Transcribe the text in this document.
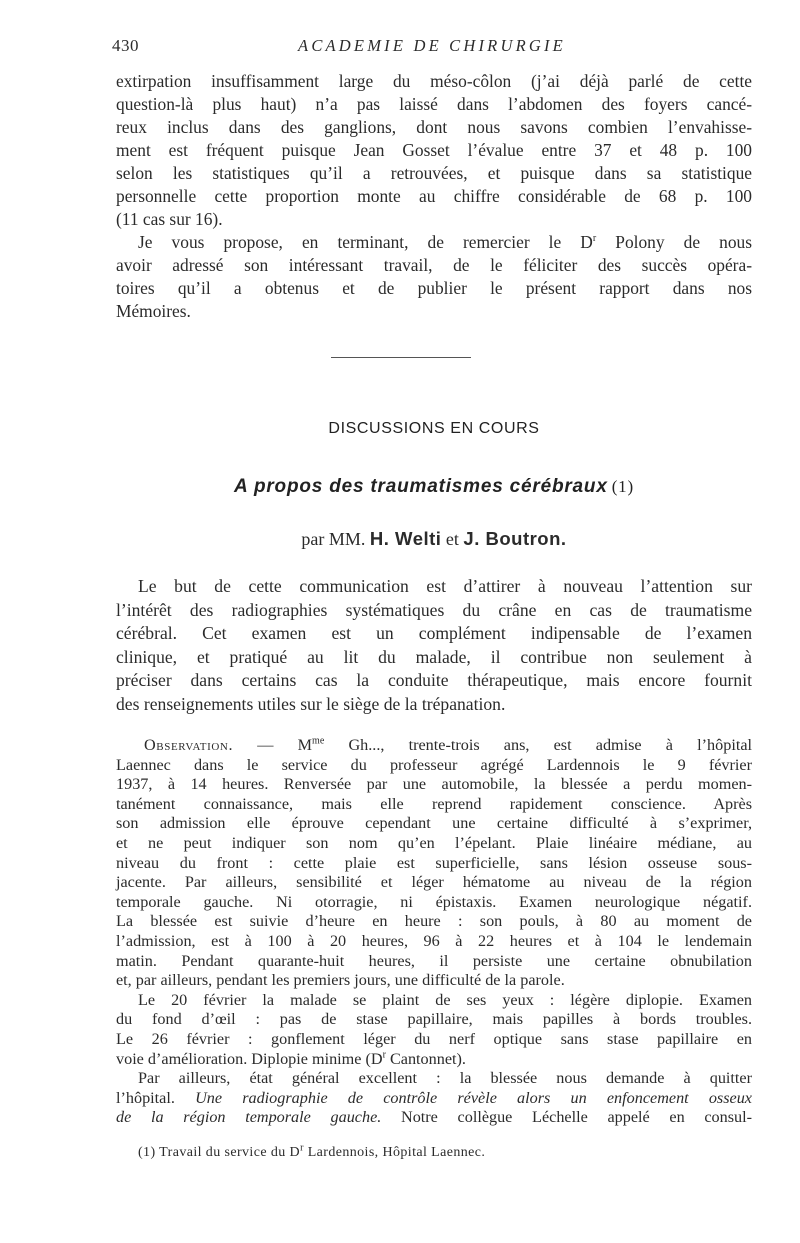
430	ACADEMIE DE CHIRURGIE

extirpation insuffisamment large du méso-côlon (j’ai déjà parlé de cette
question-là plus haut) n’a pas laissé dans l’abdomen des foyers cancé-
reux inclus dans des ganglions, dont nous savons combien l’envahisse-
ment est fréquent puisque Jean Gosset l’évalue entre 37 et 48 p. 100
selon les statistiques qu’il a retrouvées, et puisque dans sa statistique
personnelle cette proportion monte au chiffre considérable de 68 p. 100
(11 cas sur 16).

Je vous propose, en terminant, de remercier le $D^r$ Polony de nous
avoir adressé son intéressant travail, de le féliciter des succès opéra-
toires qu’il a obtenus et de publier le présent rapport dans nos
Mémoires.

DISCUSSIONS EN COURS
A propos des traumatismes cérébraux (1)
par MM. H. Welti et J. Boutron.

Le but de cette communication est d’attirer à nouveau l’attention sur
l’intérêt des radiographies systématiques du crâne en cas de traumatisme
cérébral. Cet examen est un complément indipensable de l’examen
clinique, et pratiqué au lit du malade, il contribue non seulement à
préciser dans certains cas la conduite thérapeutique, mais encore fournit
des renseignements utiles sur le siège de la trépanation.

Observation. — $M^{me}$ Gh..., trente-trois ans, est admise à l’hôpital
Laennec dans le service du professeur agrégé Lardennois le 9 février
1937, à 14 heures. Renversée par une automobile, la blessée a perdu momen-
tanément connaissance, mais elle reprend rapidement conscience. Après
son admission elle éprouve cependant une certaine difficulté à s’exprimer,
et ne peut indiquer son nom qu’en l’épelant. Plaie linéaire médiane, au
niveau du front : cette plaie est superficielle, sans lésion osseuse sous-
jacente. Par ailleurs, sensibilité et léger hématome au niveau de la région
temporale gauche. Ni otorragie, ni épistaxis. Examen neurologique négatif.
La blessée est suivie d’heure en heure : son pouls, à 80 au moment de
l’admission, est à 100 à 20 heures, 96 à 22 heures et à 104 le lendemain
matin. Pendant quarante-huit heures, il persiste une certaine obnubilation
et, par ailleurs, pendant les premiers jours, une difficulté de la parole.

Le 20 février la malade se plaint de ses yeux : légère diplopie. Examen
du fond d’œil : pas de stase papillaire, mais papilles à bords troubles.
Le 26 février : gonflement léger du nerf optique sans stase papillaire en
voie d’amélioration. Diplopie minime ($D^r$ Cantonnet).

Par ailleurs, état général excellent : la blessée nous demande à quitter
l’hôpital. Une radiographie de contrôle révèle alors un enfoncement osseux
de la région temporale gauche. Notre collègue Léchelle appelé en consul-

(1) Travail du service du $D^r$ Lardennois, Hôpital Laennec.
